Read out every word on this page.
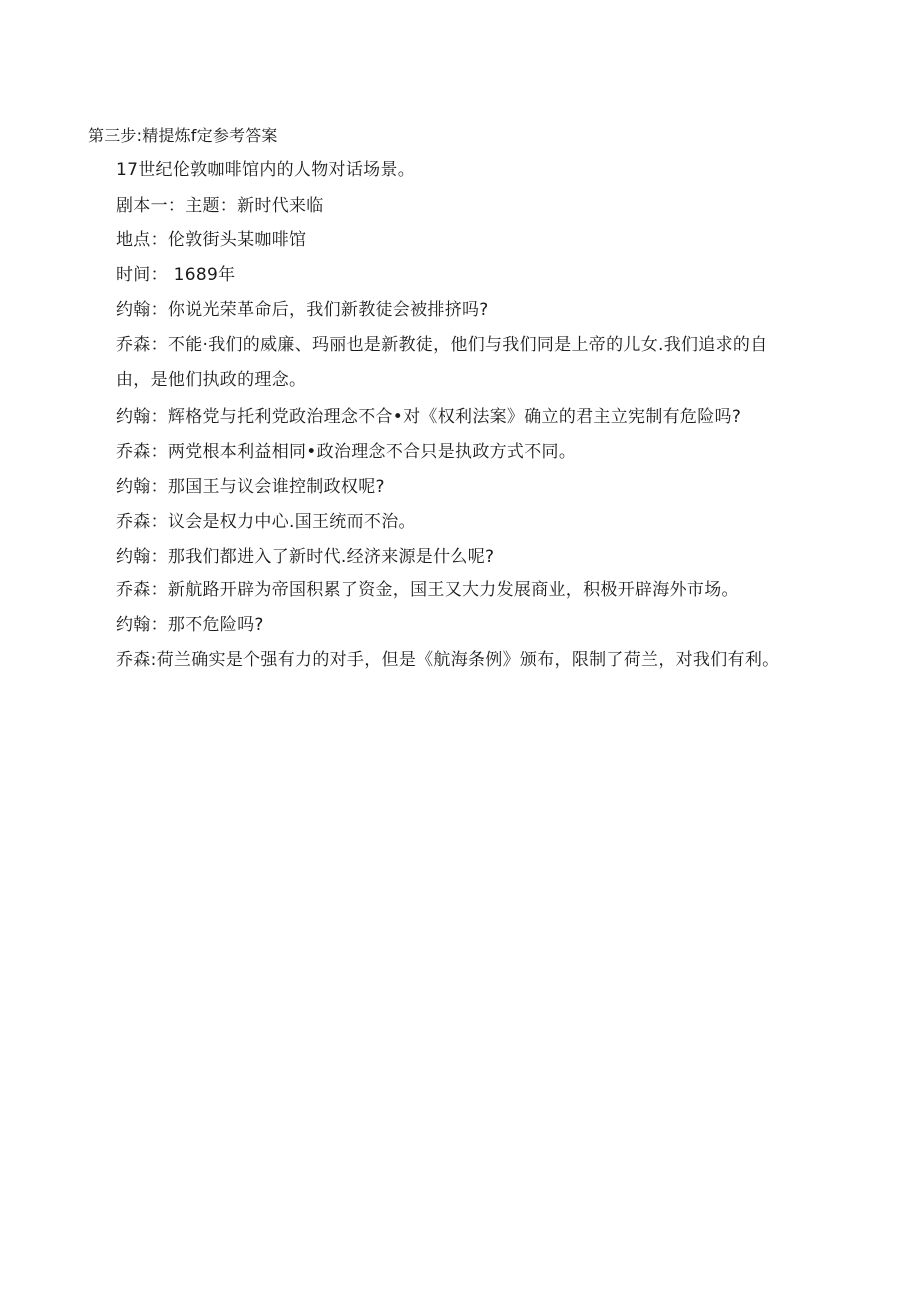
第三步:精提炼f定参考答案
17世纪伦敦咖啡馆内的人物对话场景。
剧本一：主题：新时代来临
地点：伦敦街头某咖啡馆
时间： 1689年
约翰：你说光荣革命后，我们新教徒会被排挤吗?
乔森：不能·我们的威廉、玛丽也是新教徒，他们与我们同是上帝的儿女.我们追求的自
由，是他们执政的理念。
约翰：辉格党与托利党政治理念不合•对《权利法案》确立的君主立宪制有危险吗?
乔森：两党根本利益相同•政治理念不合只是执政方式不同。
约翰：那国王与议会谁控制政权呢?
乔森：议会是权力中心.国王统而不治。
约翰：那我们都进入了新时代.经济来源是什么呢?
乔森：新航路开辟为帝国积累了资金，国王又大力发展商业，积极开辟海外市场。
约翰：那不危险吗?
乔森:荷兰确实是个强有力的对手，但是《航海条例》颁布，限制了荷兰，对我们有利。
